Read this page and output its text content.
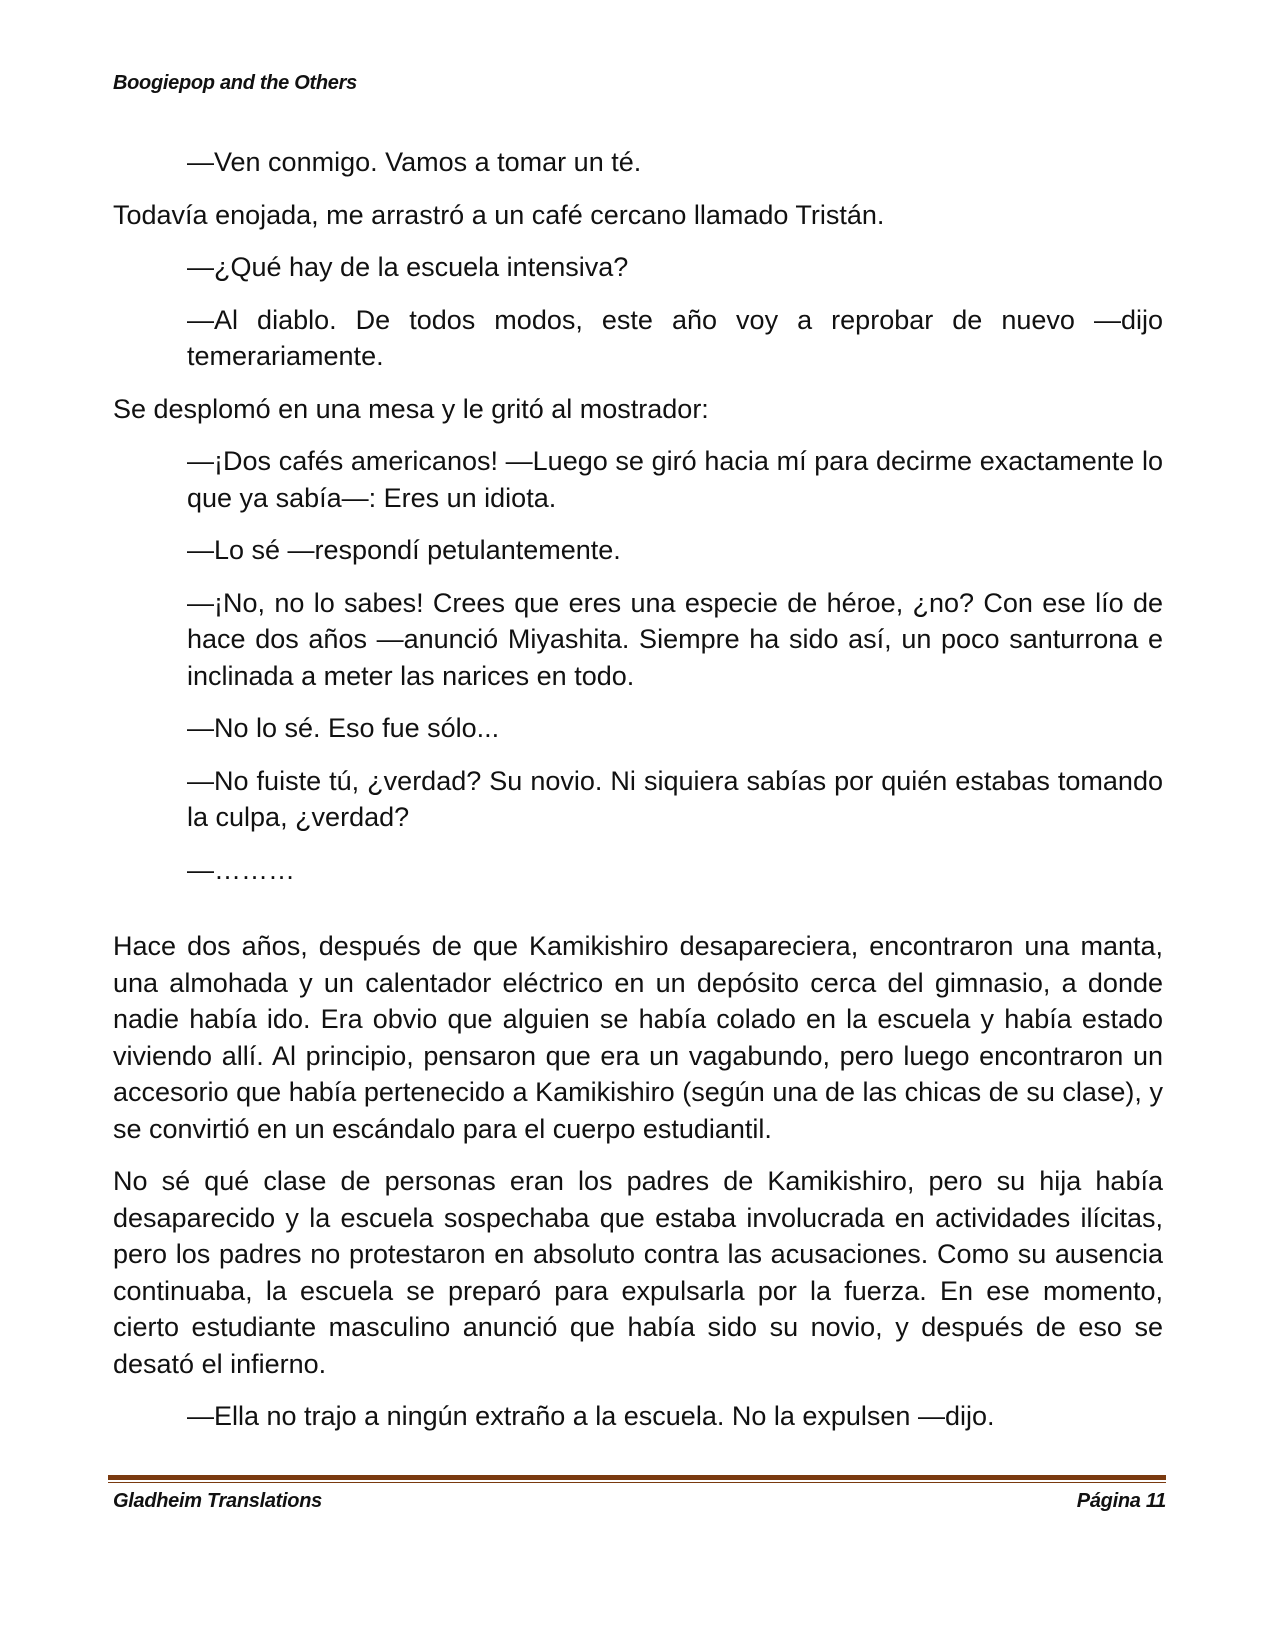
Boogiepop and the Others

—Ven conmigo. Vamos a tomar un té.

Todavía enojada, me arrastró a un café cercano llamado Tristán.

—¿Qué hay de la escuela intensiva?

—Al diablo. De todos modos, este año voy a reprobar de nuevo —dijo temerariamente.

Se desplomó en una mesa y le gritó al mostrador:

—¡Dos cafés americanos! —Luego se giró hacia mí para decirme exactamente lo que ya sabía—: Eres un idiota.

—Lo sé —respondí petulantemente.

—¡No, no lo sabes! Crees que eres una especie de héroe, ¿no? Con ese lío de hace dos años —anunció Miyashita. Siempre ha sido así, un poco santurrona e inclinada a meter las narices en todo.

—No lo sé. Eso fue sólo...

—No fuiste tú, ¿verdad? Su novio. Ni siquiera sabías por quién estabas tomando la culpa, ¿verdad?

—………

Hace dos años, después de que Kamikishiro desapareciera, encontraron una manta, una almohada y un calentador eléctrico en un depósito cerca del gimnasio, a donde nadie había ido. Era obvio que alguien se había colado en la escuela y había estado viviendo allí. Al principio, pensaron que era un vagabundo, pero luego encontraron un accesorio que había pertenecido a Kamikishiro (según una de las chicas de su clase), y se convirtió en un escándalo para el cuerpo estudiantil.

No sé qué clase de personas eran los padres de Kamikishiro, pero su hija había desaparecido y la escuela sospechaba que estaba involucrada en actividades ilícitas, pero los padres no protestaron en absoluto contra las acusaciones. Como su ausencia continuaba, la escuela se preparó para expulsarla por la fuerza. En ese momento, cierto estudiante masculino anunció que había sido su novio, y después de eso se desató el infierno.

—Ella no trajo a ningún extraño a la escuela. No la expulsen —dijo.

Gladheim Translations	Página 11
